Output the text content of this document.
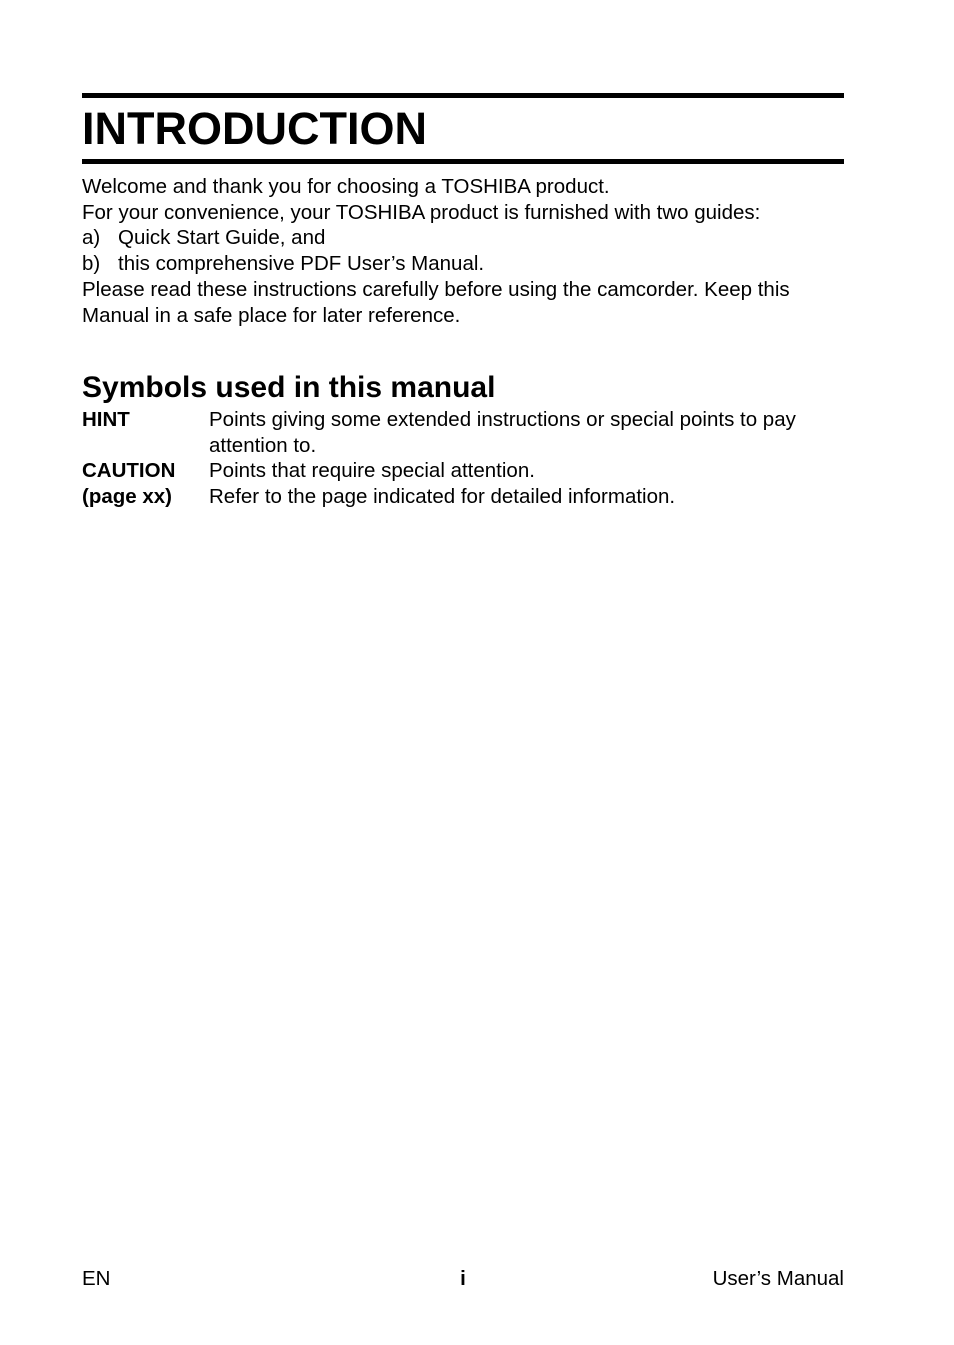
INTRODUCTION

Welcome and thank you for choosing a TOSHIBA product.

For your convenience, your TOSHIBA product is furnished with two guides:

a) Quick Start Guide, and
b) this comprehensive PDF User’s Manual.

Please read these instructions carefully before using the camcorder. Keep this Manual in a safe place for later reference.

Symbols used in this manual
HINT	Points giving some extended instructions or special points to pay attention to.
CAUTION	Points that require special attention.
(page xx)	Refer to the page indicated for detailed information.
EN	i	User’s Manual
